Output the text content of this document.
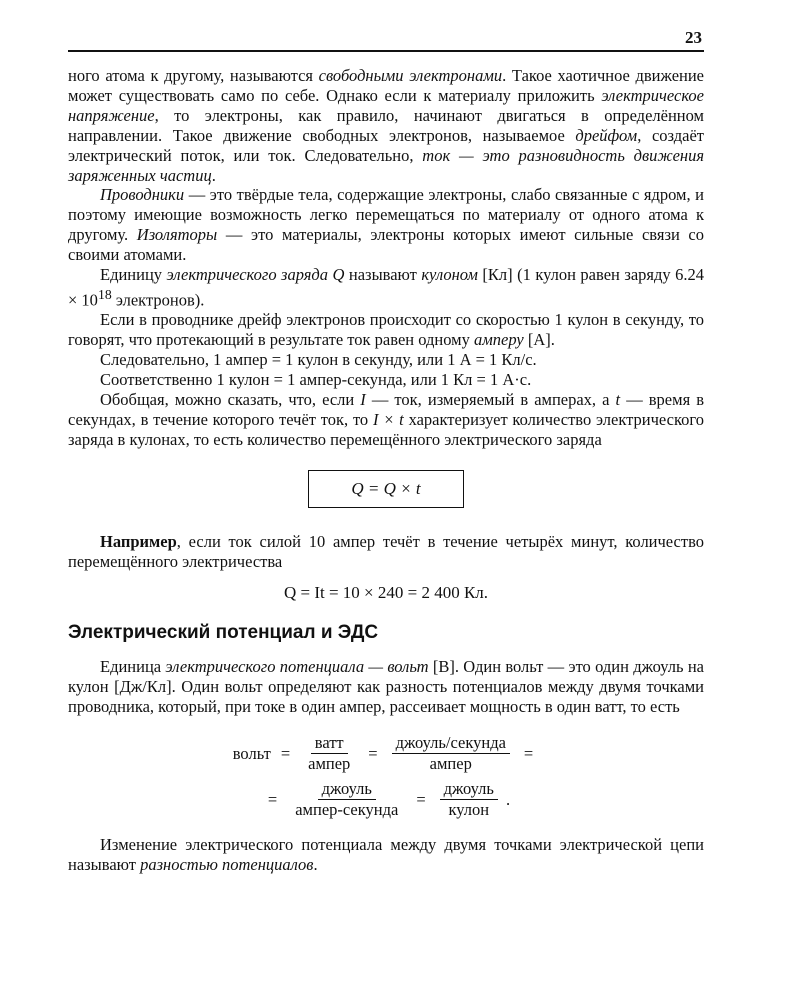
23

ного атома к другому, называются свободными электронами. Такое хаотичное движение может существовать само по себе. Однако если к материалу приложить электрическое напряжение, то электроны, как правило, начинают двигаться в определённом направлении. Такое движение свободных электронов, называемое дрейфом, создаёт электрический поток, или ток. Следовательно, ток — это разновидность движения заряженных частиц.

Проводники — это твёрдые тела, содержащие электроны, слабо связанные с ядром, и поэтому имеющие возможность легко перемещаться по материалу от одного атома к другому. Изоляторы — это материалы, электроны которых имеют сильные связи со своими атомами.

Единицу электрического заряда Q называют кулоном [Кл] (1 кулон равен заряду $6.24 \times 10^{18}$ электронов).

Если в проводнике дрейф электронов происходит со скоростью 1 кулон в секунду, то говорят, что протекающий в результате ток равен одному амперу [А].

Следовательно, 1 ампер = 1 кулон в секунду, или 1 А = 1 Кл/с.

Соответственно 1 кулон = 1 ампер-секунда, или 1 Кл = 1 А·с.

Обобщая, можно сказать, что, если I — ток, измеряемый в амперах, а t — время в секундах, в течение которого течёт ток, то I × t характеризует количество электрического заряда в кулонах, то есть количество перемещённого электрического заряда

Q = Q × t

Например, если ток силой 10 ампер течёт в течение четырёх минут, количество перемещённого электричества

Q = It = 10 × 240 = 2 400 Кл.
Электрический потенциал и ЭДС

Единица электрического потенциала — вольт [В]. Один вольт — это один джоуль на кулон [Дж/Кл]. Один вольт определяют как разность потенциалов между двумя точками проводника, который, при токе в один ампер, рассеивает мощность в один ватт, то есть

вольт = $\frac{\text{ватт}}{\text{ампер}} = \frac{\text{джоуль/секунда}}{\text{ампер}}$ =
= $\frac{\text{джоуль}}{\text{ампер-секунда}} = \frac{\text{джоуль}}{\text{кулон}}$ .

Изменение электрического потенциала между двумя точками электрической цепи называют разностью потенциалов.
